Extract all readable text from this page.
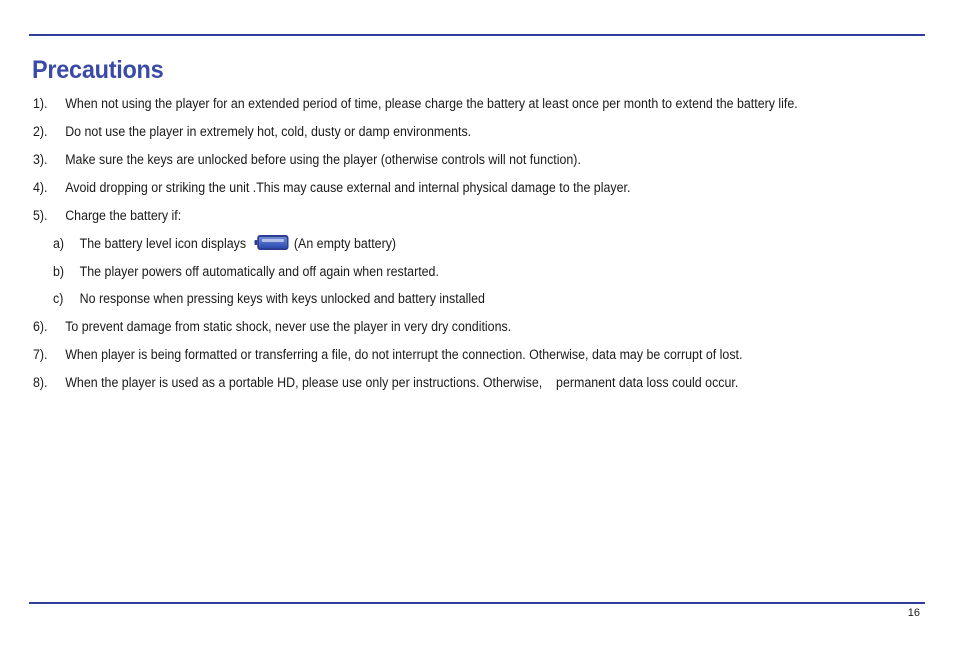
Precautions
1). When not using the player for an extended period of time, please charge the battery at least once per month to extend the battery life.
2). Do not use the player in extremely hot, cold, dusty or damp environments.
3). Make sure the keys are unlocked before using the player (otherwise controls will not function).
4). Avoid dropping or striking the unit .This may cause external and internal physical damage to the player.
5). Charge the battery if:
a) The battery level icon displays	(An empty battery)
b) The player powers off automatically and off again when restarted.
c) No response when pressing keys with keys unlocked and battery installed
6). To prevent damage from static shock, never use the player in very dry conditions.
7). When player is being formatted or transferring a file, do not interrupt the connection. Otherwise, data may be corrupt of lost.
8). When the player is used as a portable HD, please use only per instructions. Otherwise,    permanent data loss could occur.
16
